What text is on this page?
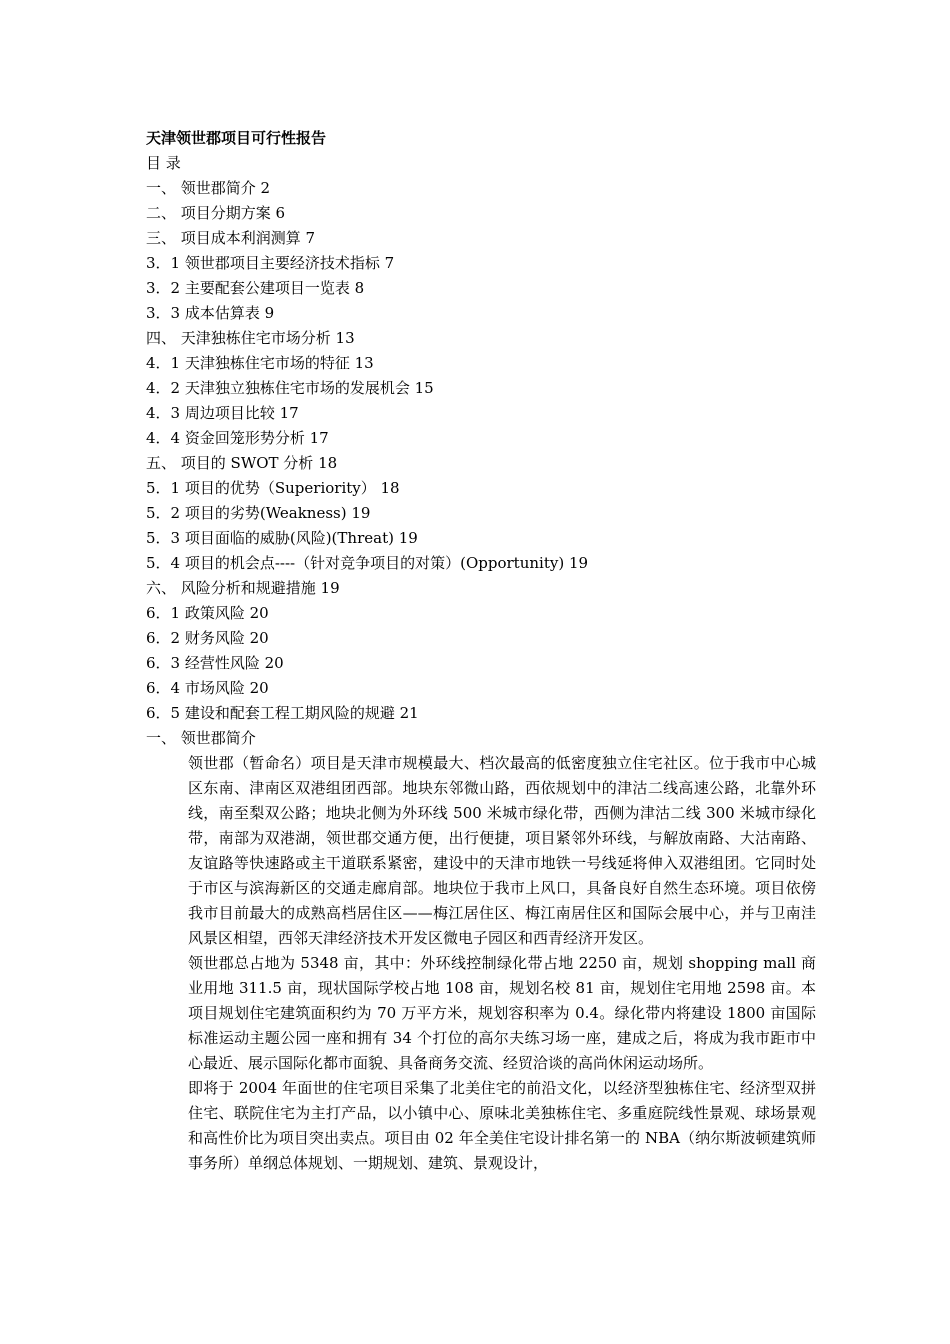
天津领世郡项目可行性报告
目 录
一、 领世郡简介 2
二、 项目分期方案 6
三、 项目成本利润测算 7
3．1 领世郡项目主要经济技术指标 7
3．2 主要配套公建项目一览表 8
3．3 成本估算表 9
四、 天津独栋住宅市场分析 13
4．1 天津独栋住宅市场的特征 13
4．2 天津独立独栋住宅市场的发展机会 15
4．3 周边项目比较 17
4．4 资金回笼形势分析 17
五、 项目的 SWOT 分析 18
5．1 项目的优势（Superiority） 18
5．2 项目的劣势(Weakness) 19
5．3 项目面临的威胁(风险)(Threat) 19
5．4 项目的机会点----（针对竞争项目的对策）(Opportunity) 19
六、 风险分析和规避措施 19
6．1 政策风险 20
6．2 财务风险 20
6．3 经营性风险 20
6．4 市场风险 20
6．5 建设和配套工程工期风险的规避 21
一、 领世郡简介
领世郡（暂命名）项目是天津市规模最大、档次最高的低密度独立住宅社区。位于我市中心城区东南、津南区双港组团西部。地块东邻微山路，西依规划中的津沽二线高速公路，北靠外环线，南至梨双公路；地块北侧为外环线 500 米城市绿化带，西侧为津沽二线 300 米城市绿化带，南部为双港湖，领世郡交通方便，出行便捷，项目紧邻外环线，与解放南路、大沽南路、友谊路等快速路或主干道联系紧密，建设中的天津市地铁一号线延将伸入双港组团。它同时处于市区与滨海新区的交通走廊肩部。地块位于我市上风口，具备良好自然生态环境。项目依傍我市目前最大的成熟高档居住区——梅江居住区、梅江南居住区和国际会展中心，并与卫南洼风景区相望，西邻天津经济技术开发区微电子园区和西青经济开发区。
领世郡总占地为 5348 亩，其中：外环线控制绿化带占地 2250 亩，规划 shopping mall 商业用地 311.5 亩，现状国际学校占地 108 亩，规划名校 81 亩，规划住宅用地 2598 亩。本项目规划住宅建筑面积约为 70 万平方米，规划容积率为 0.4。绿化带内将建设 1800 亩国际标准运动主题公园一座和拥有 34 个打位的高尔夫练习场一座，建成之后，将成为我市距市中心最近、展示国际化都市面貌、具备商务交流、经贸洽谈的高尚休闲运动场所。
即将于 2004 年面世的住宅项目采集了北美住宅的前沿文化，以经济型独栋住宅、经济型双拼住宅、联院住宅为主打产品，以小镇中心、原味北美独栋住宅、多重庭院线性景观、球场景观和高性价比为项目突出卖点。项目由 02 年全美住宅设计排名第一的 NBA（纳尔斯波顿建筑师事务所）单纲总体规划、一期规划、建筑、景观设计，
